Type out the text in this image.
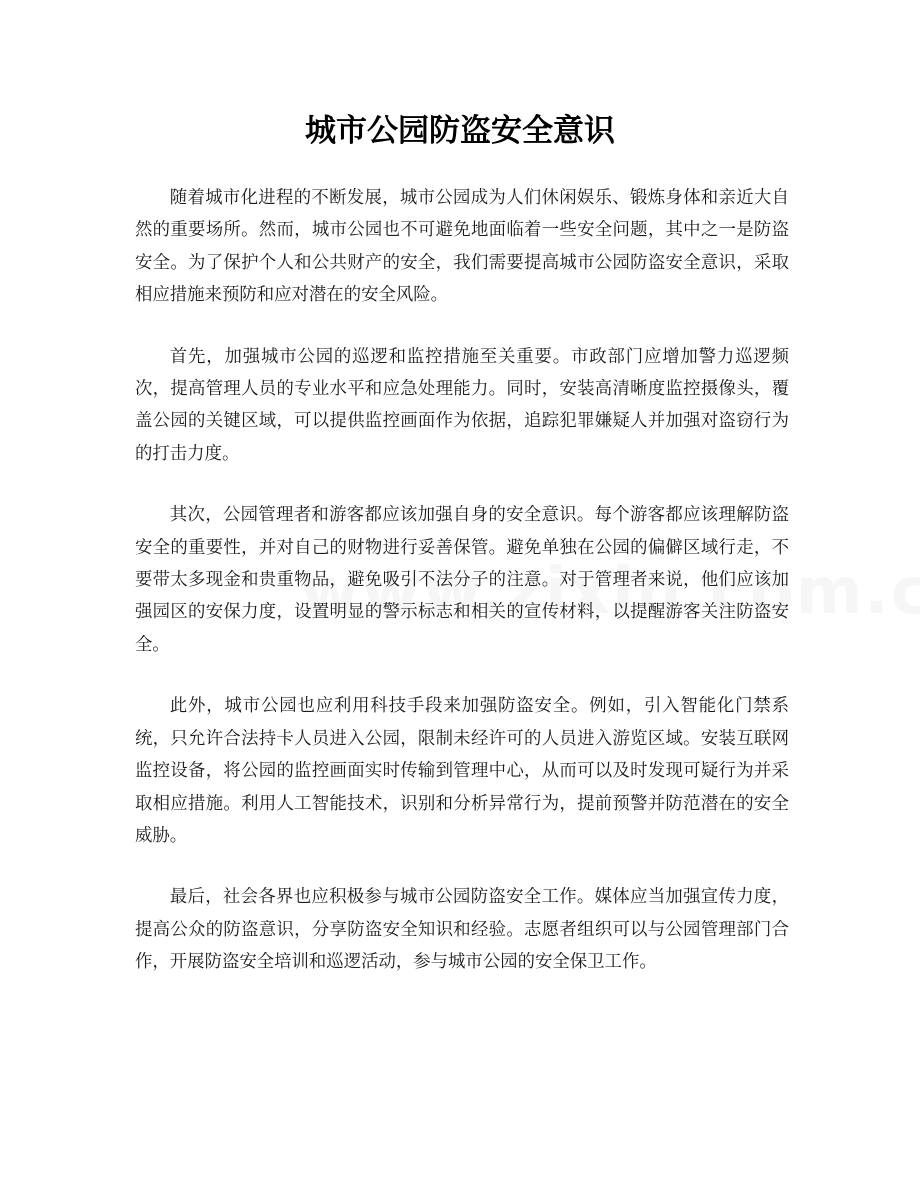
城市公园防盗安全意识

随着城市化进程的不断发展，城市公园成为人们休闲娱乐、锻炼身体和亲近大自然的重要场所。然而，城市公园也不可避免地面临着一些安全问题，其中之一是防盗安全。为了保护个人和公共财产的安全，我们需要提高城市公园防盗安全意识，采取相应措施来预防和应对潜在的安全风险。

首先，加强城市公园的巡逻和监控措施至关重要。市政部门应增加警力巡逻频次，提高管理人员的专业水平和应急处理能力。同时，安装高清晰度监控摄像头，覆盖公园的关键区域，可以提供监控画面作为依据，追踪犯罪嫌疑人并加强对盗窃行为的打击力度。

其次，公园管理者和游客都应该加强自身的安全意识。每个游客都应该理解防盗安全的重要性，并对自己的财物进行妥善保管。避免单独在公园的偏僻区域行走，不要带太多现金和贵重物品，避免吸引不法分子的注意。对于管理者来说，他们应该加强园区的安保力度，设置明显的警示标志和相关的宣传材料，以提醒游客关注防盗安全。

此外，城市公园也应利用科技手段来加强防盗安全。例如，引入智能化门禁系统，只允许合法持卡人员进入公园，限制未经许可的人员进入游览区域。安装互联网监控设备，将公园的监控画面实时传输到管理中心，从而可以及时发现可疑行为并采取相应措施。利用人工智能技术，识别和分析异常行为，提前预警并防范潜在的安全威胁。

最后，社会各界也应积极参与城市公园防盗安全工作。媒体应当加强宣传力度，提高公众的防盗意识，分享防盗安全知识和经验。志愿者组织可以与公园管理部门合作，开展防盗安全培训和巡逻活动，参与城市公园的安全保卫工作。
